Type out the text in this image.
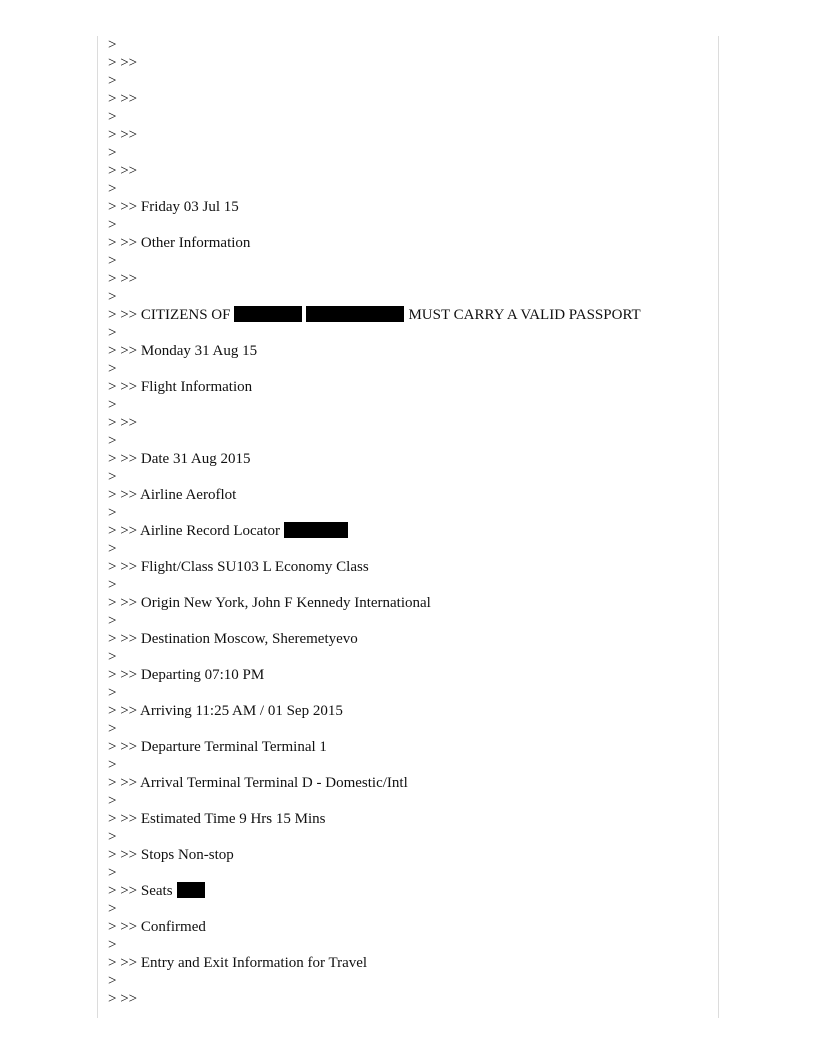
>
> >>
>
> >>
>
> >>
>
> >>
>
> >> Friday 03 Jul 15
>
> >> Other Information
>
> >>
>
> >> CITIZENS OF	MUST CARRY A VALID PASSPORT
>
> >> Monday 31 Aug 15
>
> >> Flight Information
>
> >>
>
> >> Date 31 Aug 2015
>
> >> Airline Aeroflot
>
> >> Airline Record Locator
>
> >> Flight/Class SU103 L Economy Class
>
> >> Origin New York, John F Kennedy International
>
> >> Destination Moscow, Sheremetyevo
>
> >> Departing 07:10 PM
>
> >> Arriving 11:25 AM / 01 Sep 2015
>
> >> Departure Terminal Terminal 1
>
> >> Arrival Terminal Terminal D - Domestic/Intl
>
> >> Estimated Time 9 Hrs 15 Mins
>
> >> Stops Non-stop
>
> >> Seats
>
> >> Confirmed
>
> >> Entry and Exit Information for Travel
>
> >>
